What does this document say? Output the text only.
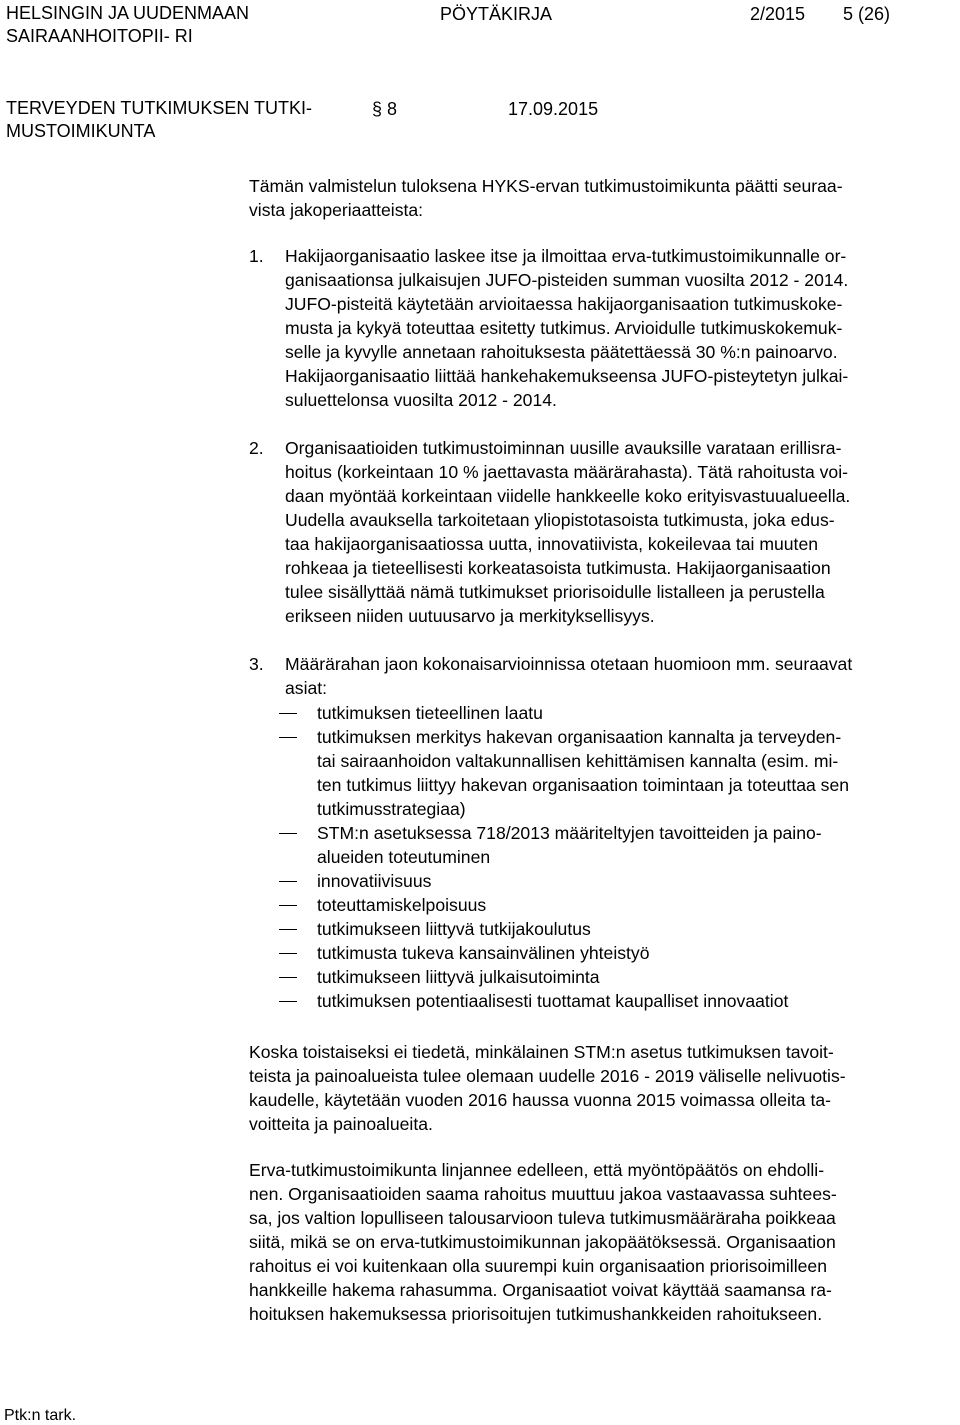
HELSINGIN JA UUDENMAAN SAIRAANHOITOPII- RI
PÖYTÄKIRJA	2/2015 5 (26)
TERVEYDEN TUTKIMUKSEN TUTKI- MUSTOIMIKUNTA
§ 8	17.09.2015
Tämän valmistelun tuloksena HYKS-ervan tutkimustoimikunta päätti seuraa-
vista jakoperiaatteista:
1. Hakijaorganisaatio laskee itse ja ilmoittaa erva-tutkimustoimikunnalle or-
ganisaationsa julkaisujen JUFO-pisteiden summan vuosilta 2012 - 2014.
JUFO-pisteitä käytetään arvioitaessa hakijaorganisaation tutkimuskoke-
musta ja kykyä toteuttaa esitetty tutkimus. Arvioidulle tutkimuskokemuk-
selle ja kyvylle annetaan rahoituksesta päätettäessä 30 %:n painoarvo.
Hakijaorganisaatio liittää hankehakemukseensa JUFO-pisteytetyn julkai-
suluettelonsa vuosilta 2012 - 2014.
2. Organisaatioiden tutkimustoiminnan uusille avauksille varataan erillisra-
hoitus (korkeintaan 10 % jaettavasta määrärahasta). Tätä rahoitusta voi-
daan myöntää korkeintaan viidelle hankkeelle koko erityisvastuualueella.
Uudella avauksella tarkoitetaan yliopistotasoista tutkimusta, joka edus-
taa hakijaorganisaatiossa uutta, innovatiivista, kokeilevaa tai muuten
rohkeaa ja tieteellisesti korkeatasoista tutkimusta. Hakijaorganisaation
tulee sisällyttää nämä tutkimukset priorisoidulle listalleen ja perustella
erikseen niiden uutuusarvo ja merkityksellisyys.
3. Määrärahan jaon kokonaisarvioinnissa otetaan huomioon mm. seuraavat
asiat:
tutkimuksen tieteellinen laatu
tutkimuksen merkitys hakevan organisaation kannalta ja terveyden-
tai sairaanhoidon valtakunnallisen kehittämisen kannalta (esim. mi-
ten tutkimus liittyy hakevan organisaation toimintaan ja toteuttaa sen
tutkimusstrategiaa)
STM:n asetuksessa 718/2013 määriteltyjen tavoitteiden ja paino-
alueiden toteutuminen
innovatiivisuus
toteuttamiskelpoisuus
tutkimukseen liittyvä tutkijakoulutus
tutkimusta tukeva kansainvälinen yhteistyö
tutkimukseen liittyvä julkaisutoiminta
tutkimuksen potentiaalisesti tuottamat kaupalliset innovaatiot
Koska toistaiseksi ei tiedetä, minkälainen STM:n asetus tutkimuksen tavoit-
teista ja painoalueista tulee olemaan uudelle 2016 - 2019 väliselle nelivuotis-
kaudelle, käytetään vuoden 2016 haussa vuonna 2015 voimassa olleita ta-
voitteita ja painoalueita.
Erva-tutkimustoimikunta linjannee edelleen, että myöntöpäätös on ehdolli-
nen. Organisaatioiden saama rahoitus muuttuu jakoa vastaavassa suhtees-
sa, jos valtion lopulliseen talousarvioon tuleva tutkimusmääräraha poikkeaa
siitä, mikä se on erva-tutkimustoimikunnan jakopäätöksessä. Organisaation
rahoitus ei voi kuitenkaan olla suurempi kuin organisaation priorisoimilleen
hankkeille hakema rahasumma. Organisaatiot voivat käyttää saamansa ra-
hoituksen hakemuksessa priorisoitujen tutkimushankkeiden rahoitukseen.
Ptk:n tark.
